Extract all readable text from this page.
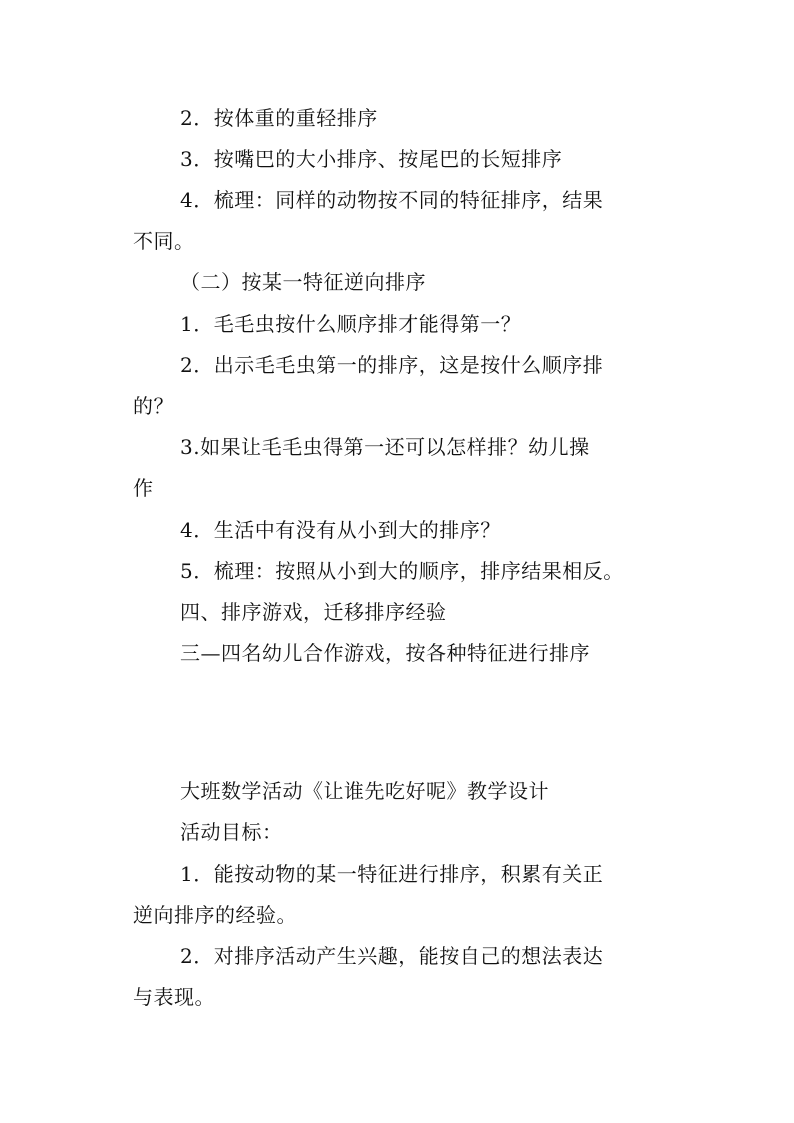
2．按体重的重轻排序
3．按嘴巴的大小排序、按尾巴的长短排序
4．梳理：同样的动物按不同的特征排序，结果
不同。
（二）按某一特征逆向排序
1．毛毛虫按什么顺序排才能得第一？
2．出示毛毛虫第一的排序，这是按什么顺序排
的？
3.如果让毛毛虫得第一还可以怎样排？幼儿操
作
4．生活中有没有从小到大的排序？
5．梳理：按照从小到大的顺序，排序结果相反。
四、排序游戏，迁移排序经验
三—四名幼儿合作游戏，按各种特征进行排序
大班数学活动《让谁先吃好呢》教学设计
活动目标：
1．能按动物的某一特征进行排序，积累有关正
逆向排序的经验。
2．对排序活动产生兴趣，能按自己的想法表达
与表现。
